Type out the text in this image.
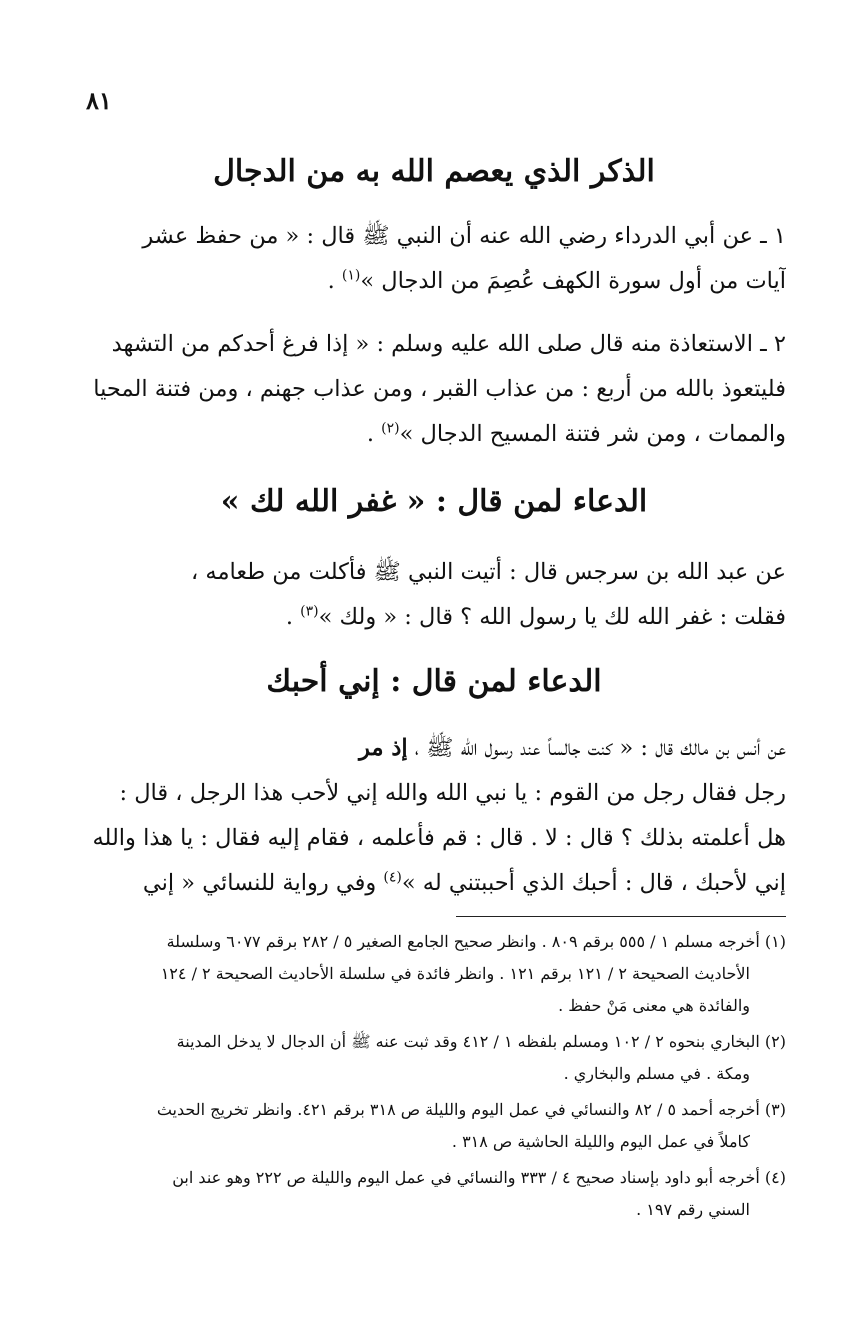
٨١
الذكر الذي يعصم الله به من الدجال
١ ـ عن أبي الدرداء رضي الله عنه أن النبي ﷺ قال : « من حفظ عشر
آيات من أول سورة الكهف عُصِمَ من الدجال »$^{(١)}$ .
٢ ـ الاستعاذة منه قال صلى الله عليه وسلم : « إذا فرغ أحدكم من التشهد
فليتعوذ بالله من أربع : من عذاب القبر ، ومن عذاب جهنم ، ومن فتنة المحيا
والممات ، ومن شر فتنة المسيح الدجال »$^{(٢)}$ .
الدعاء لمن قال : « غفر الله لك »
عن عبد الله بن سرجس قال : أتيت النبي ﷺ فأكلت من طعامه ،
فقلت : غفر الله لك يا رسول الله ؟ قال : « ولك »$^{(٣)}$ .
الدعاء لمن قال : إني أحبك
عن أنس بن مالك قال : « كنت جالساً عند رسول الله ﷺ ، إذ مر
رجل فقال رجل من القوم : يا نبي الله والله إني لأحب هذا الرجل ، قال :
هل أعلمته بذلك ؟ قال : لا . قال : قم فأعلمه ، فقام إليه فقال : يا هذا والله
إني لأحبك ، قال : أحبك الذي أحببتني له »$^{(٤)}$ وفي رواية للنسائي « إني
(١) أخرجه مسلم ١ / ٥٥٥ برقم ٨٠٩ . وانظر صحيح الجامع الصغير ٥ / ٢٨٢ برقم ٦٠٧٧ وسلسلة
الأحاديث الصحيحة ٢ / ١٢١ برقم ١٢١ . وانظر فائدة في سلسلة الأحاديث الصحيحة ٢ / ١٢٤
والفائدة هي معنى مَنْ حفظ .
(٢) البخاري بنحوه ٢ / ١٠٢ ومسلم بلفظه ١ / ٤١٢ وقد ثبت عنه ﷺ أن الدجال لا يدخل المدينة
ومكة . في مسلم والبخاري .
(٣) أخرجه أحمد ٥ / ٨٢ والنسائي في عمل اليوم والليلة ص ٣١٨ برقم ٤٢١. وانظر تخريج الحديث
كاملاً في عمل اليوم والليلة الحاشية ص ٣١٨ .
(٤) أخرجه أبو داود بإسناد صحيح ٤ / ٣٣٣ والنسائي في عمل اليوم والليلة ص ٢٢٢ وهو عند ابن
السني رقم ١٩٧ .
